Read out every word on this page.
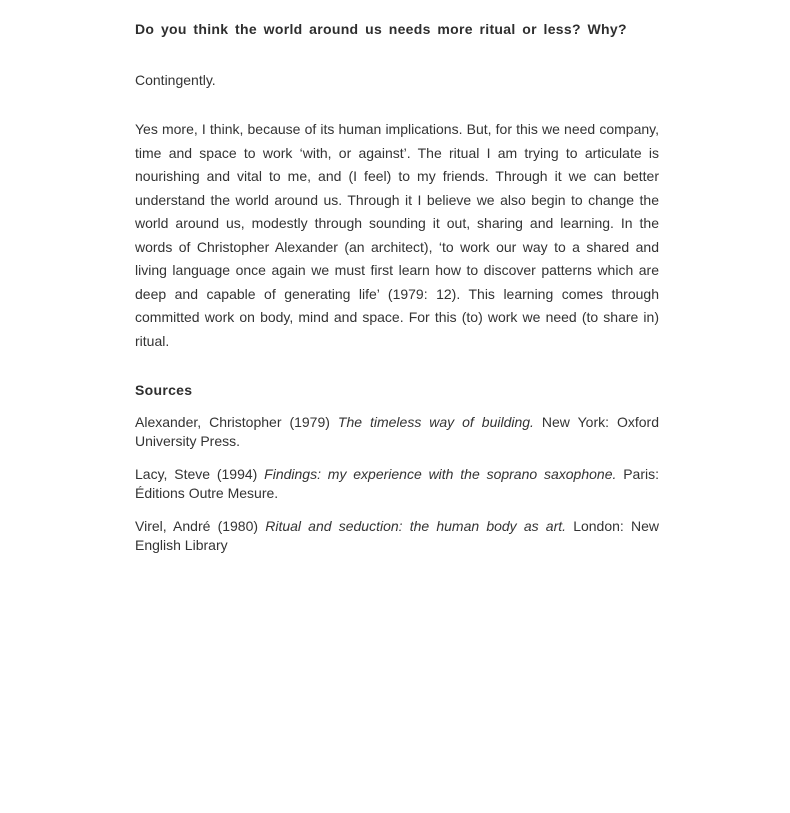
Do you think the world around us needs more ritual or less? Why?

Contingently.

Yes more, I think, because of its human implications. But, for this we need company, time and space to work ‘with, or against’. The ritual I am trying to articulate is nourishing and vital to me, and (I feel) to my friends. Through it we can better understand the world around us. Through it I believe we also begin to change the world around us, modestly through sounding it out, sharing and learning. In the words of Christopher Alexander (an architect), ‘to work our way to a shared and living language once again we must first learn how to discover patterns which are deep and capable of generating life’ (1979: 12). This learning comes through committed work on body, mind and space. For this (to) work we need (to share in) ritual.

Sources

Alexander, Christopher (1979) The timeless way of building. New York: Oxford University Press.

Lacy, Steve (1994) Findings: my experience with the soprano saxophone. Paris: Éditions Outre Mesure.

Virel, André (1980) Ritual and seduction: the human body as art. London: New English Library
